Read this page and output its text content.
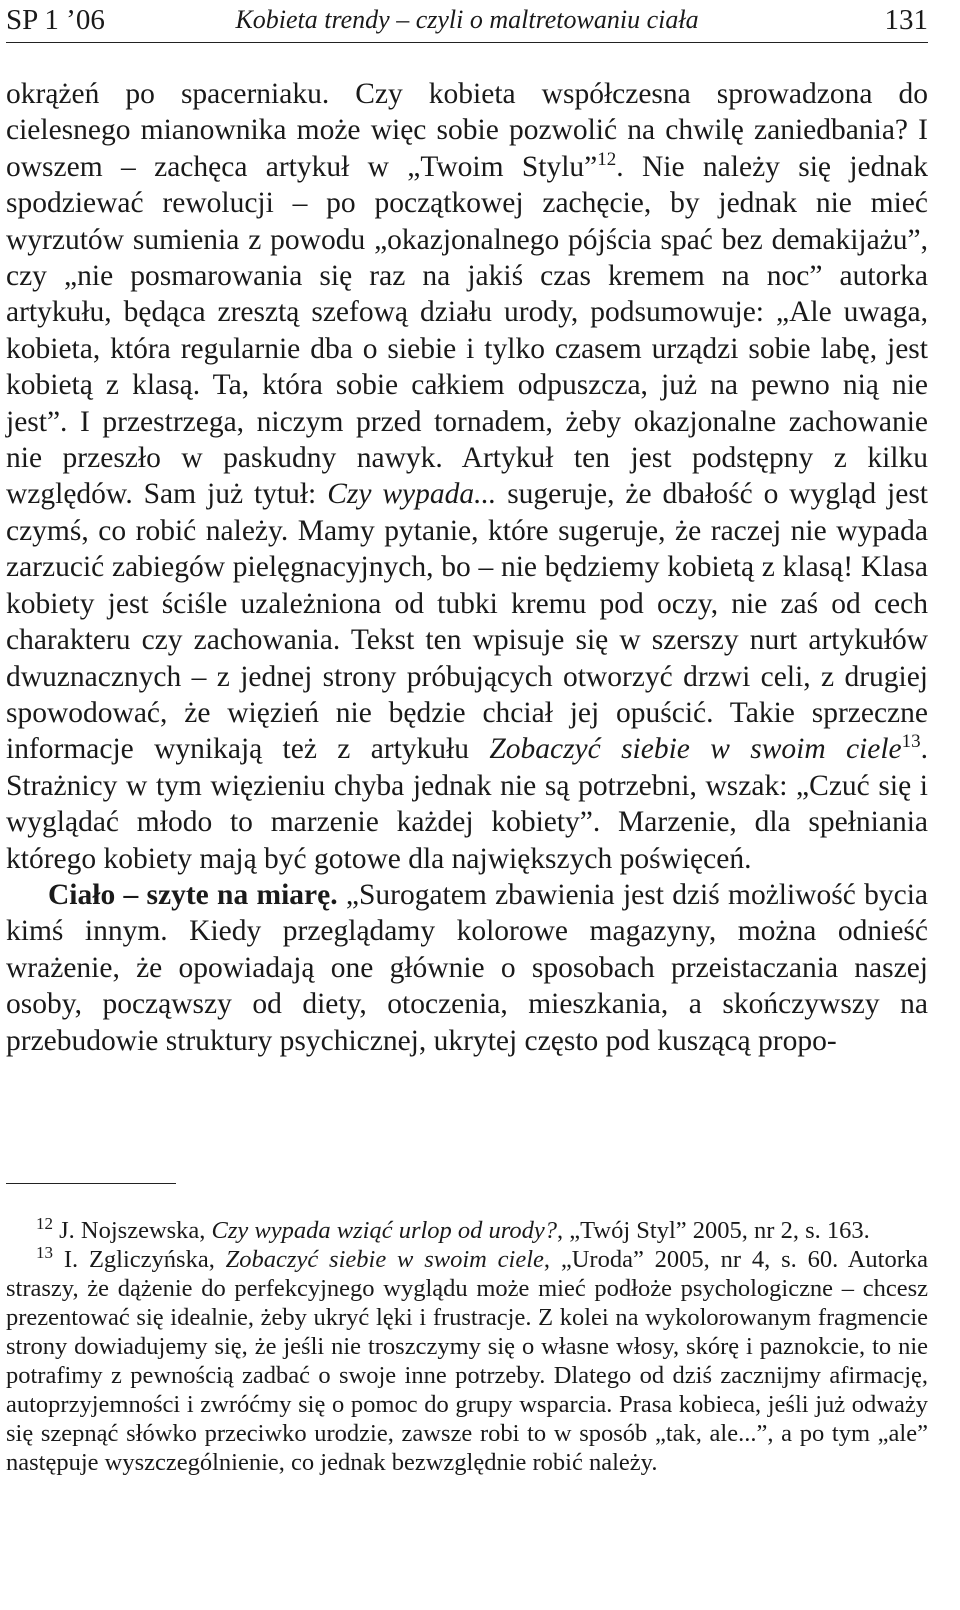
SP 1 ’06	Kobieta trendy – czyli o maltretowaniu ciała	131

okrążeń po spacerniaku. Czy kobieta współczesna sprowadzona do cielesnego mianownika może więc sobie pozwolić na chwilę zaniedbania? I owszem – zachęca artykuł w „Twoim Stylu”$^{12}$. Nie należy się jednak spodziewać rewolucji – po początkowej zachęcie, by jednak nie mieć wyrzutów sumienia z powodu „okazjonalnego pójścia spać bez demakijażu”, czy „nie posmarowania się raz na jakiś czas kremem na noc” autorka artykułu, będąca zresztą szefową działu urody, podsumowuje: „Ale uwaga, kobieta, która regularnie dba o siebie i tylko czasem urządzi sobie labę, jest kobietą z klasą. Ta, która sobie całkiem odpuszcza, już na pewno nią nie jest”. I przestrzega, niczym przed tornadem, żeby okazjonalne zachowanie nie przeszło w paskudny nawyk. Artykuł ten jest podstępny z kilku względów. Sam już tytuł: Czy wypada... sugeruje, że dbałość o wygląd jest czymś, co robić należy. Mamy pytanie, które sugeruje, że raczej nie wypada zarzucić zabiegów pielęgnacyjnych, bo – nie będziemy kobietą z klasą! Klasa kobiety jest ściśle uzależniona od tubki kremu pod oczy, nie zaś od cech charakteru czy zachowania. Tekst ten wpisuje się w szerszy nurt artykułów dwuznacznych – z jednej strony próbujących otworzyć drzwi celi, z drugiej spowodować, że więzień nie będzie chciał jej opuścić. Takie sprzeczne informacje wynikają też z artykułu Zobaczyć siebie w swoim ciele$^{13}$. Strażnicy w tym więzieniu chyba jednak nie są potrzebni, wszak: „Czuć się i wyglądać młodo to marzenie każdej kobiety”. Marzenie, dla spełniania którego kobiety mają być gotowe dla największych poświęceń.

Ciało – szyte na miarę. „Surogatem zbawienia jest dziś możliwość bycia kimś innym. Kiedy przeglądamy kolorowe magazyny, można odnieść wrażenie, że opowiadają one głównie o sposobach przeistaczania naszej osoby, począwszy od diety, otoczenia, mieszkania, a skończywszy na przebudowie struktury psychicznej, ukrytej często pod kuszącą propo-

$^{12}$ J. Nojszewska, Czy wypada wziąć urlop od urody?, „Twój Styl” 2005, nr 2, s. 163.

$^{13}$ I. Zgliczyńska, Zobaczyć siebie w swoim ciele, „Uroda” 2005, nr 4, s. 60. Autorka straszy, że dążenie do perfekcyjnego wyglądu może mieć podłoże psychologiczne – chcesz prezentować się idealnie, żeby ukryć lęki i frustracje. Z kolei na wykolorowanym fragmencie strony dowiadujemy się, że jeśli nie troszczymy się o własne włosy, skórę i paznokcie, to nie potrafimy z pewnością zadbać o swoje inne potrzeby. Dlatego od dziś zacznijmy afirmację, autoprzyjemności i zwróćmy się o pomoc do grupy wsparcia. Prasa kobieca, jeśli już odważy się szepnąć słówko przeciwko urodzie, zawsze robi to w sposób „tak, ale...”, a po tym „ale” następuje wyszczególnienie, co jednak bezwzględnie robić należy.
